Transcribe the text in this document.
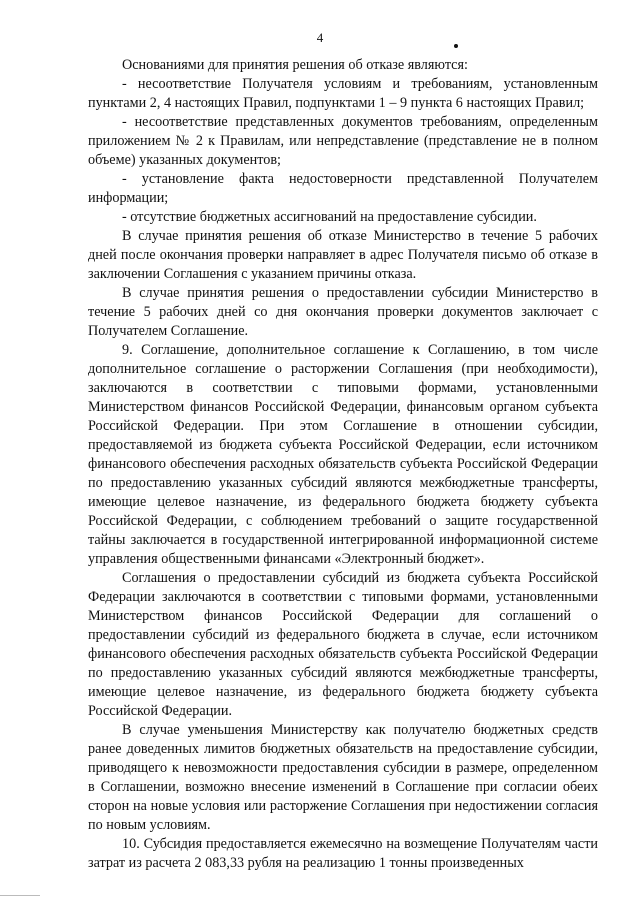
4

Основаниями для принятия решения об отказе являются:

- несоответствие Получателя условиям и требованиям, установленным пунктами 2, 4 настоящих Правил, подпунктами 1 – 9 пункта 6 настоящих Правил;

- несоответствие представленных документов требованиям, определенным приложением № 2 к Правилам, или непредставление (представление не в полном объеме) указанных документов;

- установление факта недостоверности представленной Получателем информации;

- отсутствие бюджетных ассигнований на предоставление субсидии.

В случае принятия решения об отказе Министерство в течение 5 рабочих дней после окончания проверки направляет в адрес Получателя письмо об отказе в заключении Соглашения с указанием причины отказа.

В случае принятия решения о предоставлении субсидии Министерство в течение 5 рабочих дней со дня окончания проверки документов заключает с Получателем Соглашение.

9. Соглашение, дополнительное соглашение к Соглашению, в том числе дополнительное соглашение о расторжении Соглашения (при необходимости), заключаются в соответствии с типовыми формами, установленными Министерством финансов Российской Федерации, финансовым органом субъекта Российской Федерации. При этом Соглашение в отношении субсидии, предоставляемой из бюджета субъекта Российской Федерации, если источником финансового обеспечения расходных обязательств субъекта Российской Федерации по предоставлению указанных субсидий являются межбюджетные трансферты, имеющие целевое назначение, из федерального бюджета бюджету субъекта Российской Федерации, с соблюдением требований о защите государственной тайны заключается в государственной интегрированной информационной системе управления общественными финансами «Электронный бюджет».

Соглашения о предоставлении субсидий из бюджета субъекта Российской Федерации заключаются в соответствии с типовыми формами, установленными Министерством финансов Российской Федерации для соглашений о предоставлении субсидий из федерального бюджета в случае, если источником финансового обеспечения расходных обязательств субъекта Российской Федерации по предоставлению указанных субсидий являются межбюджетные трансферты, имеющие целевое назначение, из федерального бюджета бюджету субъекта Российской Федерации.

В случае уменьшения Министерству как получателю бюджетных средств ранее доведенных лимитов бюджетных обязательств на предоставление субсидии, приводящего к невозможности предоставления субсидии в размере, определенном в Соглашении, возможно внесение изменений в Соглашение при согласии обеих сторон на новые условия или расторжение Соглашения при недостижении согласия по новым условиям.

10. Субсидия предоставляется ежемесячно на возмещение Получателям части затрат из расчета 2 083,33 рубля на реализацию 1 тонны произведенных
